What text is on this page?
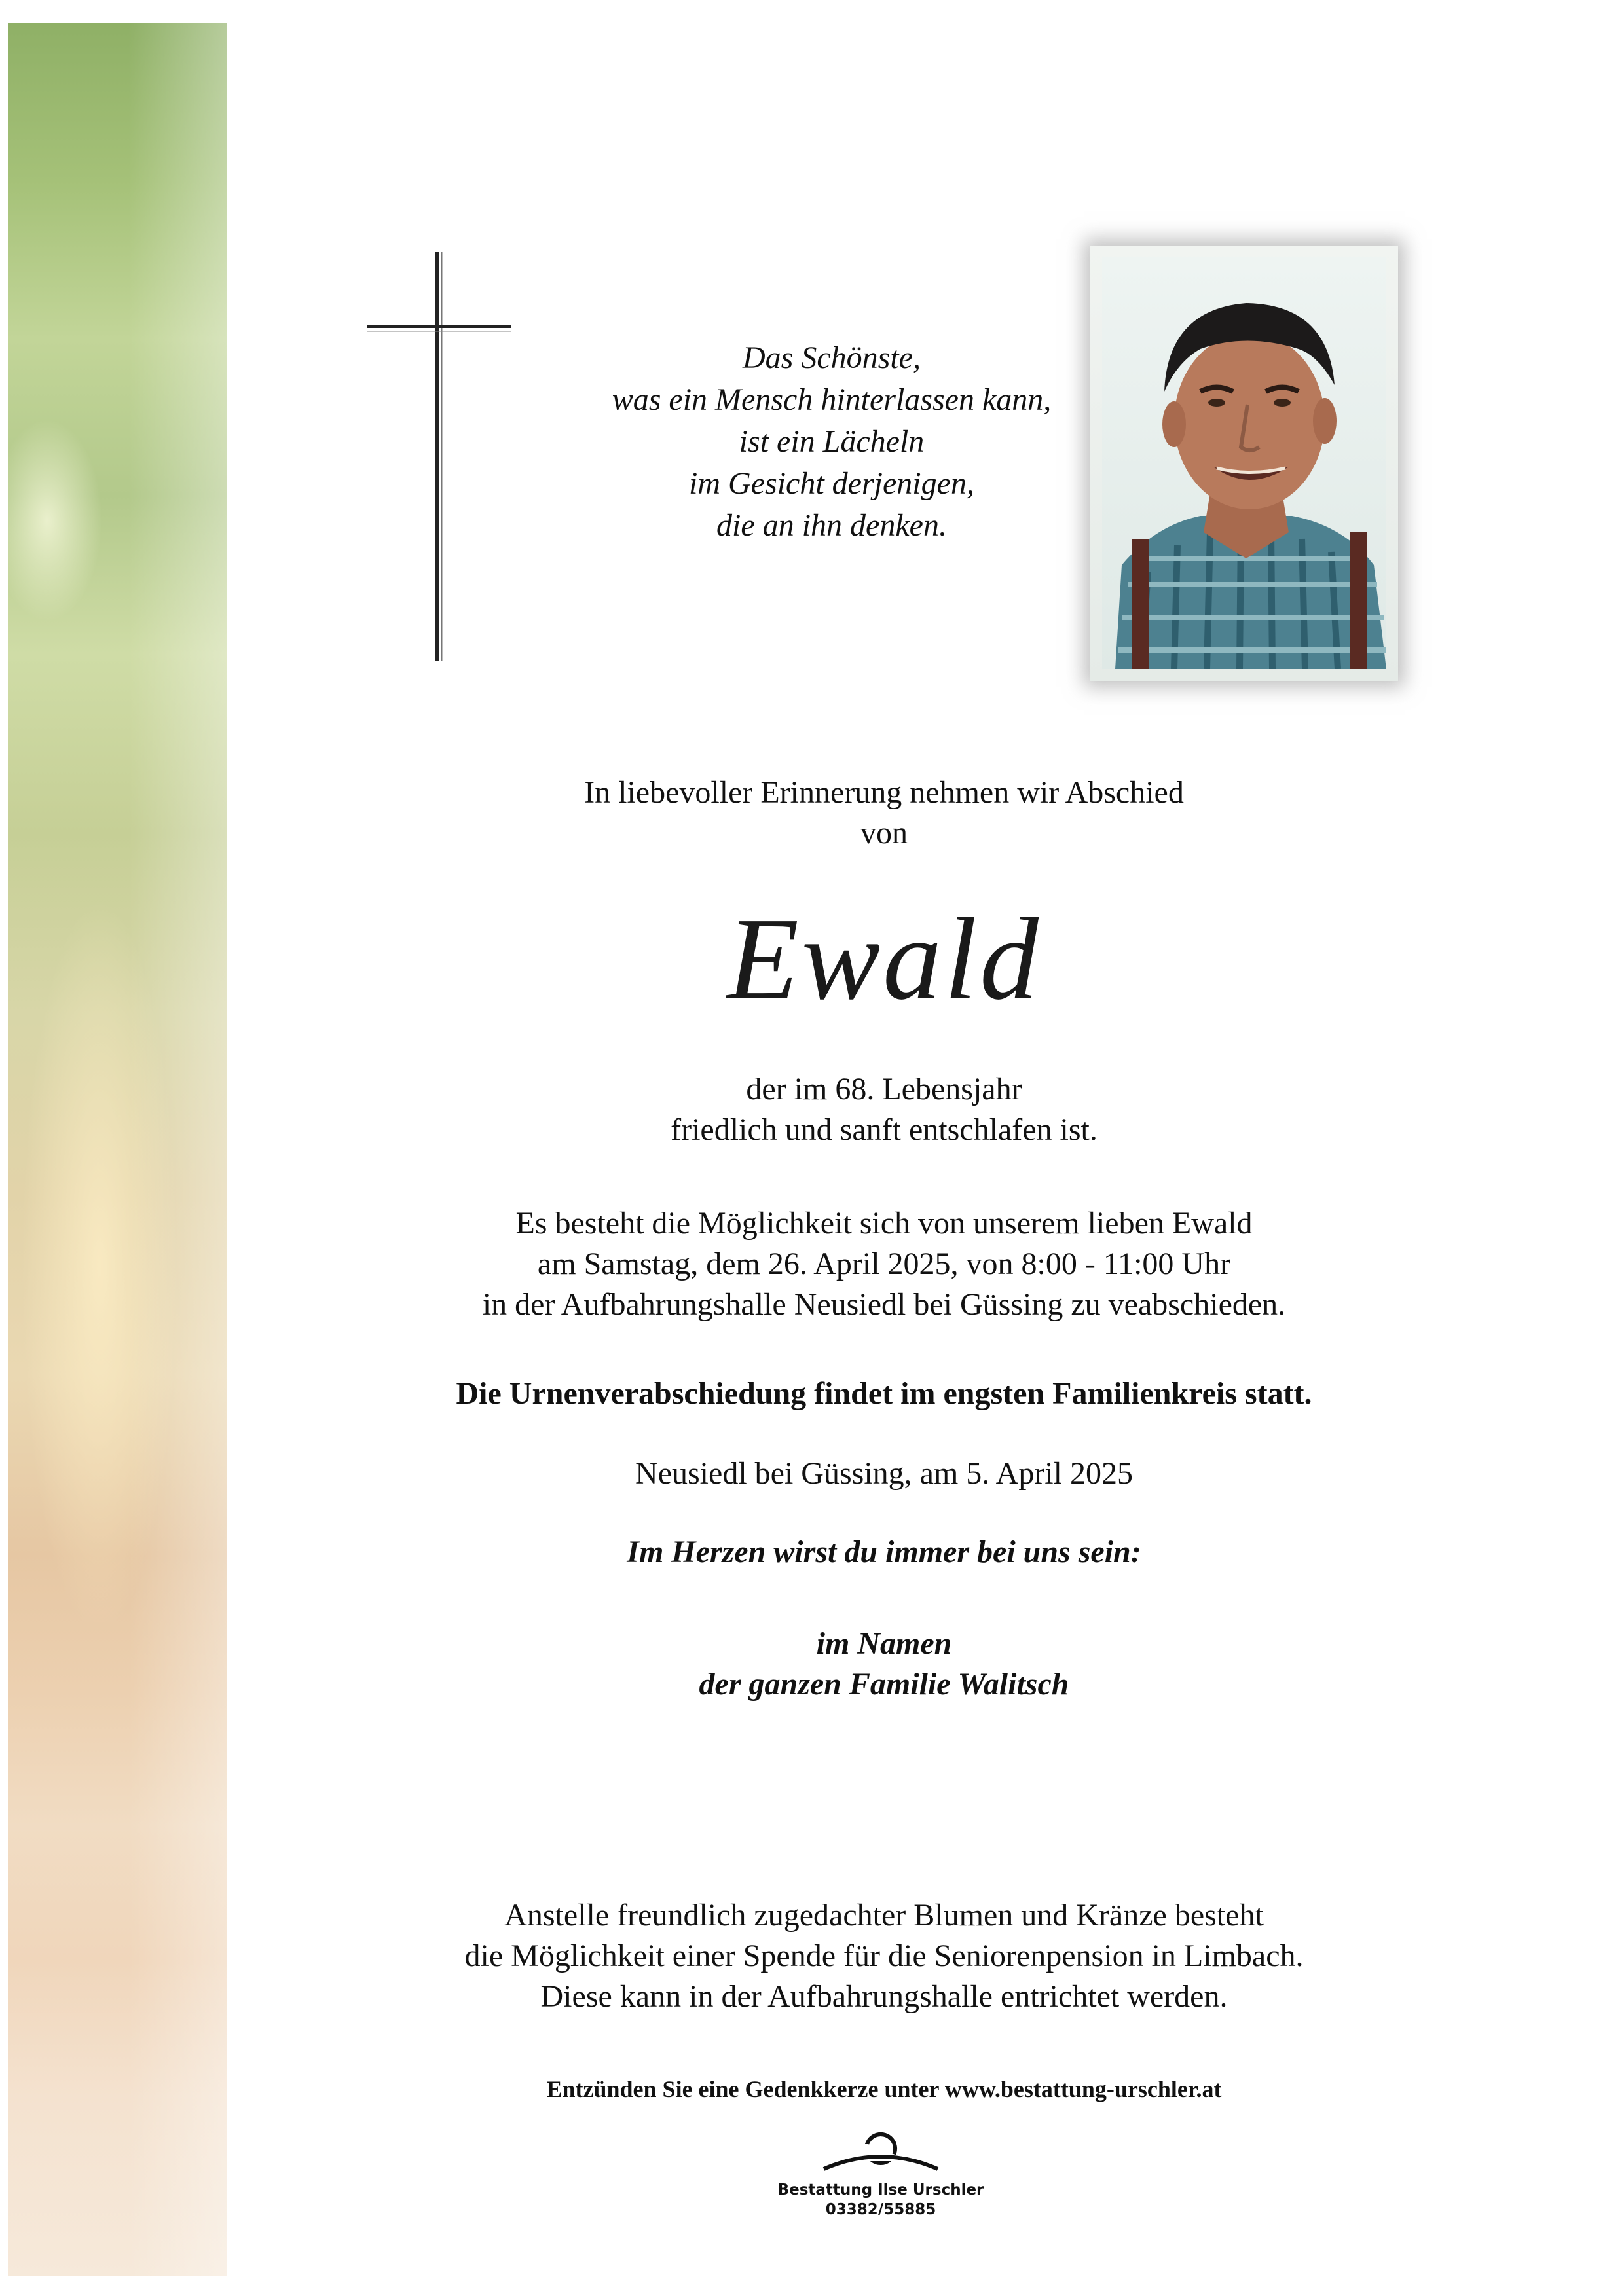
Das Schönste,
was ein Mensch hinterlassen kann,
ist ein Lächeln
im Gesicht derjenigen,
die an ihn denken.
In liebevoller Erinnerung nehmen wir Abschied
von
Ewald
der im 68. Lebensjahr
friedlich und sanft entschlafen ist.
Es besteht die Möglichkeit sich von unserem lieben Ewald
am Samstag, dem 26. April 2025, von 8:00 - 11:00 Uhr
in der Aufbahrungshalle Neusiedl bei Güssing zu veabschieden.
Die Urnenverabschiedung findet im engsten Familienkreis statt.
Neusiedl bei Güssing, am 5. April 2025
Im Herzen wirst du immer bei uns sein:
im Namen
der ganzen Familie Walitsch
Anstelle freundlich zugedachter Blumen und Kränze besteht
die Möglichkeit einer Spende für die Seniorenpension in Limbach.
Diese kann in der Aufbahrungshalle entrichtet werden.
Entzünden Sie eine Gedenkkerze unter www.bestattung-urschler.at
Bestattung Ilse Urschler
03382/55885
